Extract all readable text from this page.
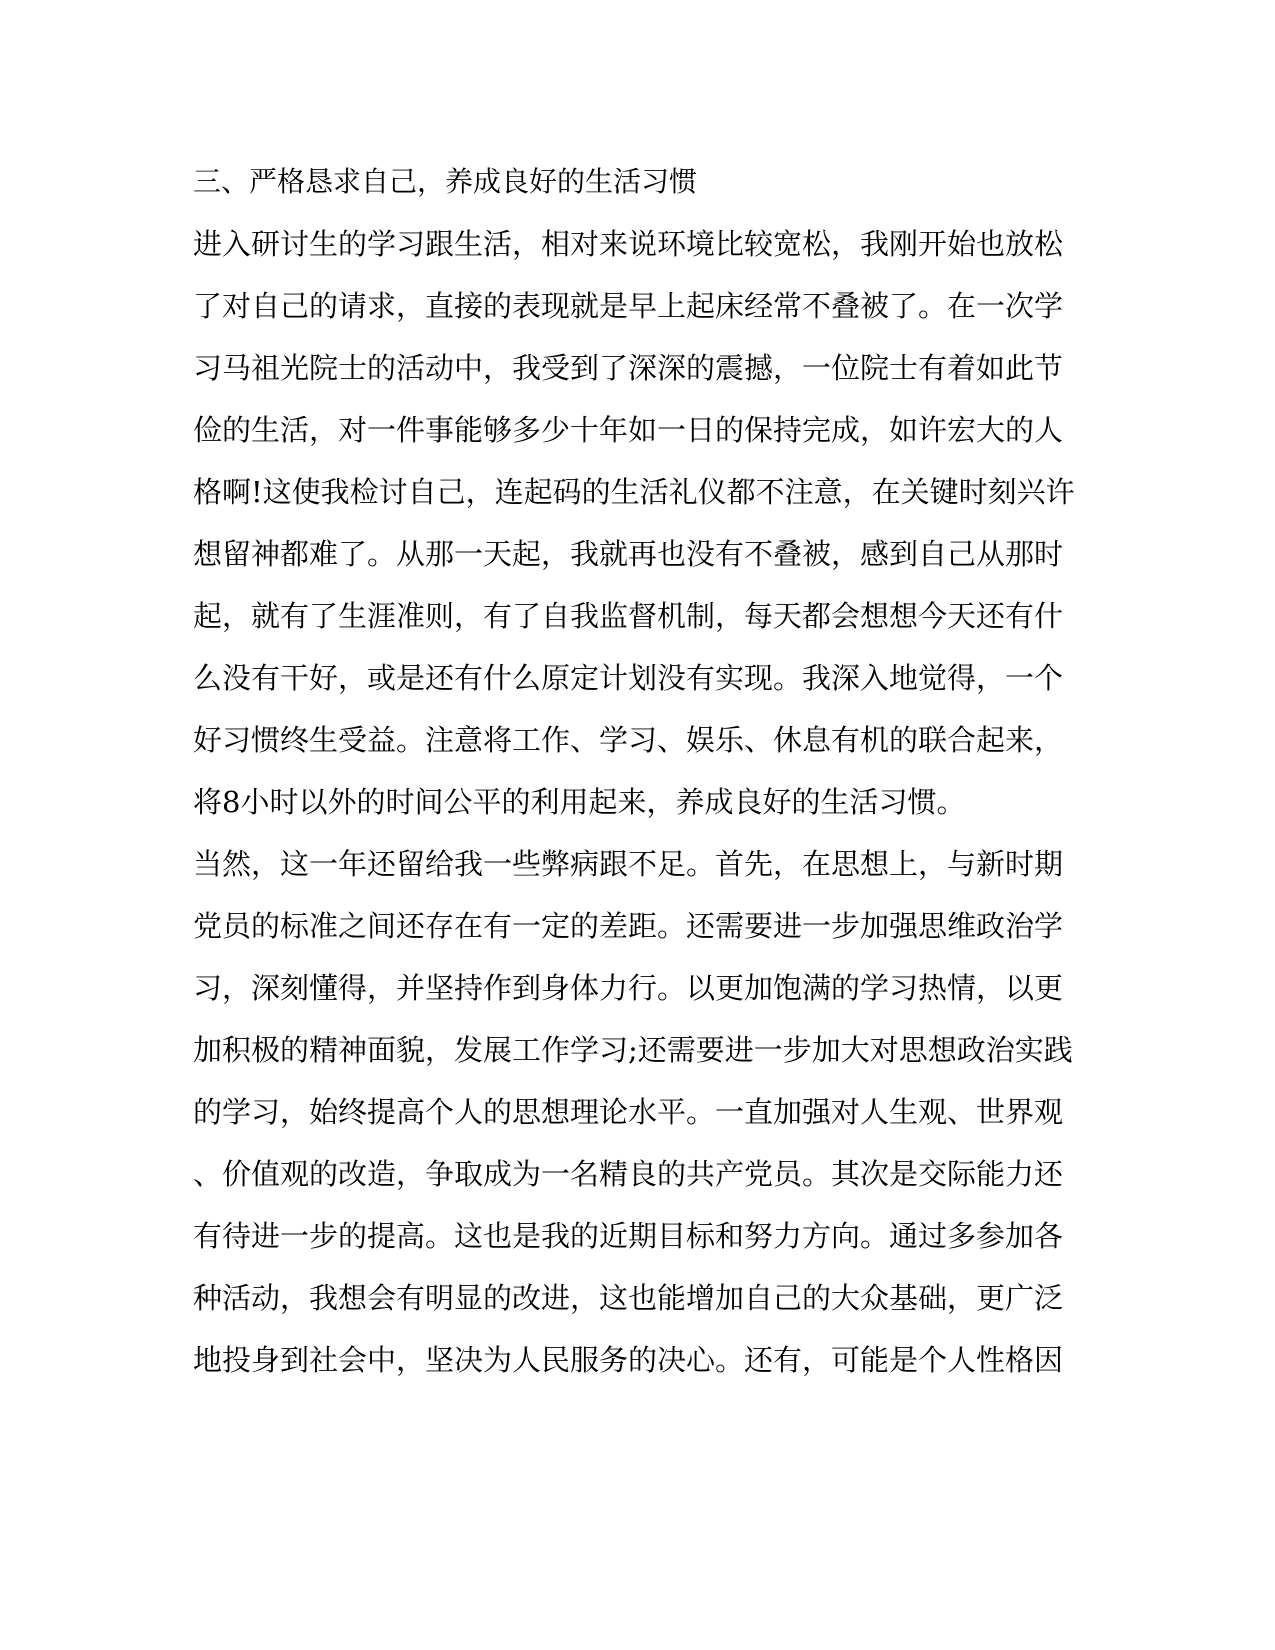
三、严格恳求自己，养成良好的生活习惯
进入研讨生的学习跟生活，相对来说环境比较宽松，我刚开始也放松
了对自己的请求，直接的表现就是早上起床经常不叠被了。在一次学
习马祖光院士的活动中，我受到了深深的震撼，一位院士有着如此节
俭的生活，对一件事能够多少十年如一日的保持完成，如许宏大的人
格啊!这使我检讨自己，连起码的生活礼仪都不注意，在关键时刻兴许
想留神都难了。从那一天起，我就再也没有不叠被，感到自己从那时
起，就有了生涯准则，有了自我监督机制，每天都会想想今天还有什
么没有干好，或是还有什么原定计划没有实现。我深入地觉得，一个
好习惯终生受益。注意将工作、学习、娱乐、休息有机的联合起来，
将8小时以外的时间公平的利用起来，养成良好的生活习惯。
当然，这一年还留给我一些弊病跟不足。首先，在思想上，与新时期
党员的标准之间还存在有一定的差距。还需要进一步加强思维政治学
习，深刻懂得，并坚持作到身体力行。以更加饱满的学习热情，以更
加积极的精神面貌，发展工作学习;还需要进一步加大对思想政治实践
的学习，始终提高个人的思想理论水平。一直加强对人生观、世界观
、价值观的改造，争取成为一名精良的共产党员。其次是交际能力还
有待进一步的提高。这也是我的近期目标和努力方向。通过多参加各
种活动，我想会有明显的改进，这也能增加自己的大众基础，更广泛
地投身到社会中，坚决为人民服务的决心。还有，可能是个人性格因
